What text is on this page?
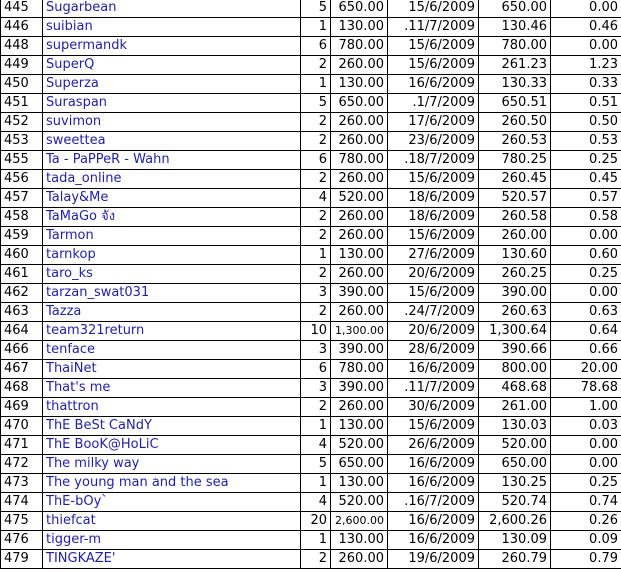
445	Sugarbean	5	650.00	15/6/2009	650.00	0.00
446	suibian	1	130.00	.11/7/2009	130.46	0.46
448	supermandk	6	780.00	15/6/2009	780.00	0.00
449	SuperQ	2	260.00	15/6/2009	261.23	1.23
450	Superza	1	130.00	16/6/2009	130.33	0.33
451	Suraspan	5	650.00	.1/7/2009	650.51	0.51
452	suvimon	2	260.00	17/6/2009	260.50	0.50
453	sweettea	2	260.00	23/6/2009	260.53	0.53
455	Ta - PaPPeR - Wahn	6	780.00	.18/7/2009	780.25	0.25
456	tada_online	2	260.00	15/6/2009	260.45	0.45
457	Talay&Me	4	520.00	18/6/2009	520.57	0.57
458	TaMaGo จัง	2	260.00	18/6/2009	260.58	0.58
459	Tarmon	2	260.00	15/6/2009	260.00	0.00
460	tarnkop	1	130.00	27/6/2009	130.60	0.60
461	taro_ks	2	260.00	20/6/2009	260.25	0.25
462	tarzan_swat031	3	390.00	15/6/2009	390.00	0.00
463	Tazza	2	260.00	.24/7/2009	260.63	0.63
464	team321return	10	1,300.00	20/6/2009	1,300.64	0.64
466	tenface	3	390.00	28/6/2009	390.66	0.66
467	ThaiNet	6	780.00	16/6/2009	800.00	20.00
468	That's me	3	390.00	.11/7/2009	468.68	78.68
469	thattron	2	260.00	30/6/2009	261.00	1.00
470	ThE BeSt CaNdY	1	130.00	15/6/2009	130.03	0.03
471	ThE BooK@HoLiC	4	520.00	26/6/2009	520.00	0.00
472	The milky way	5	650.00	16/6/2009	650.00	0.00
473	The young man and the sea	1	130.00	16/6/2009	130.25	0.25
474	ThE-bOy`	4	520.00	.16/7/2009	520.74	0.74
475	thiefcat	20	2,600.00	16/6/2009	2,600.26	0.26
476	tigger-m	1	130.00	16/6/2009	130.09	0.09
479	TINGKAZE'	2	260.00	19/6/2009	260.79	0.79
